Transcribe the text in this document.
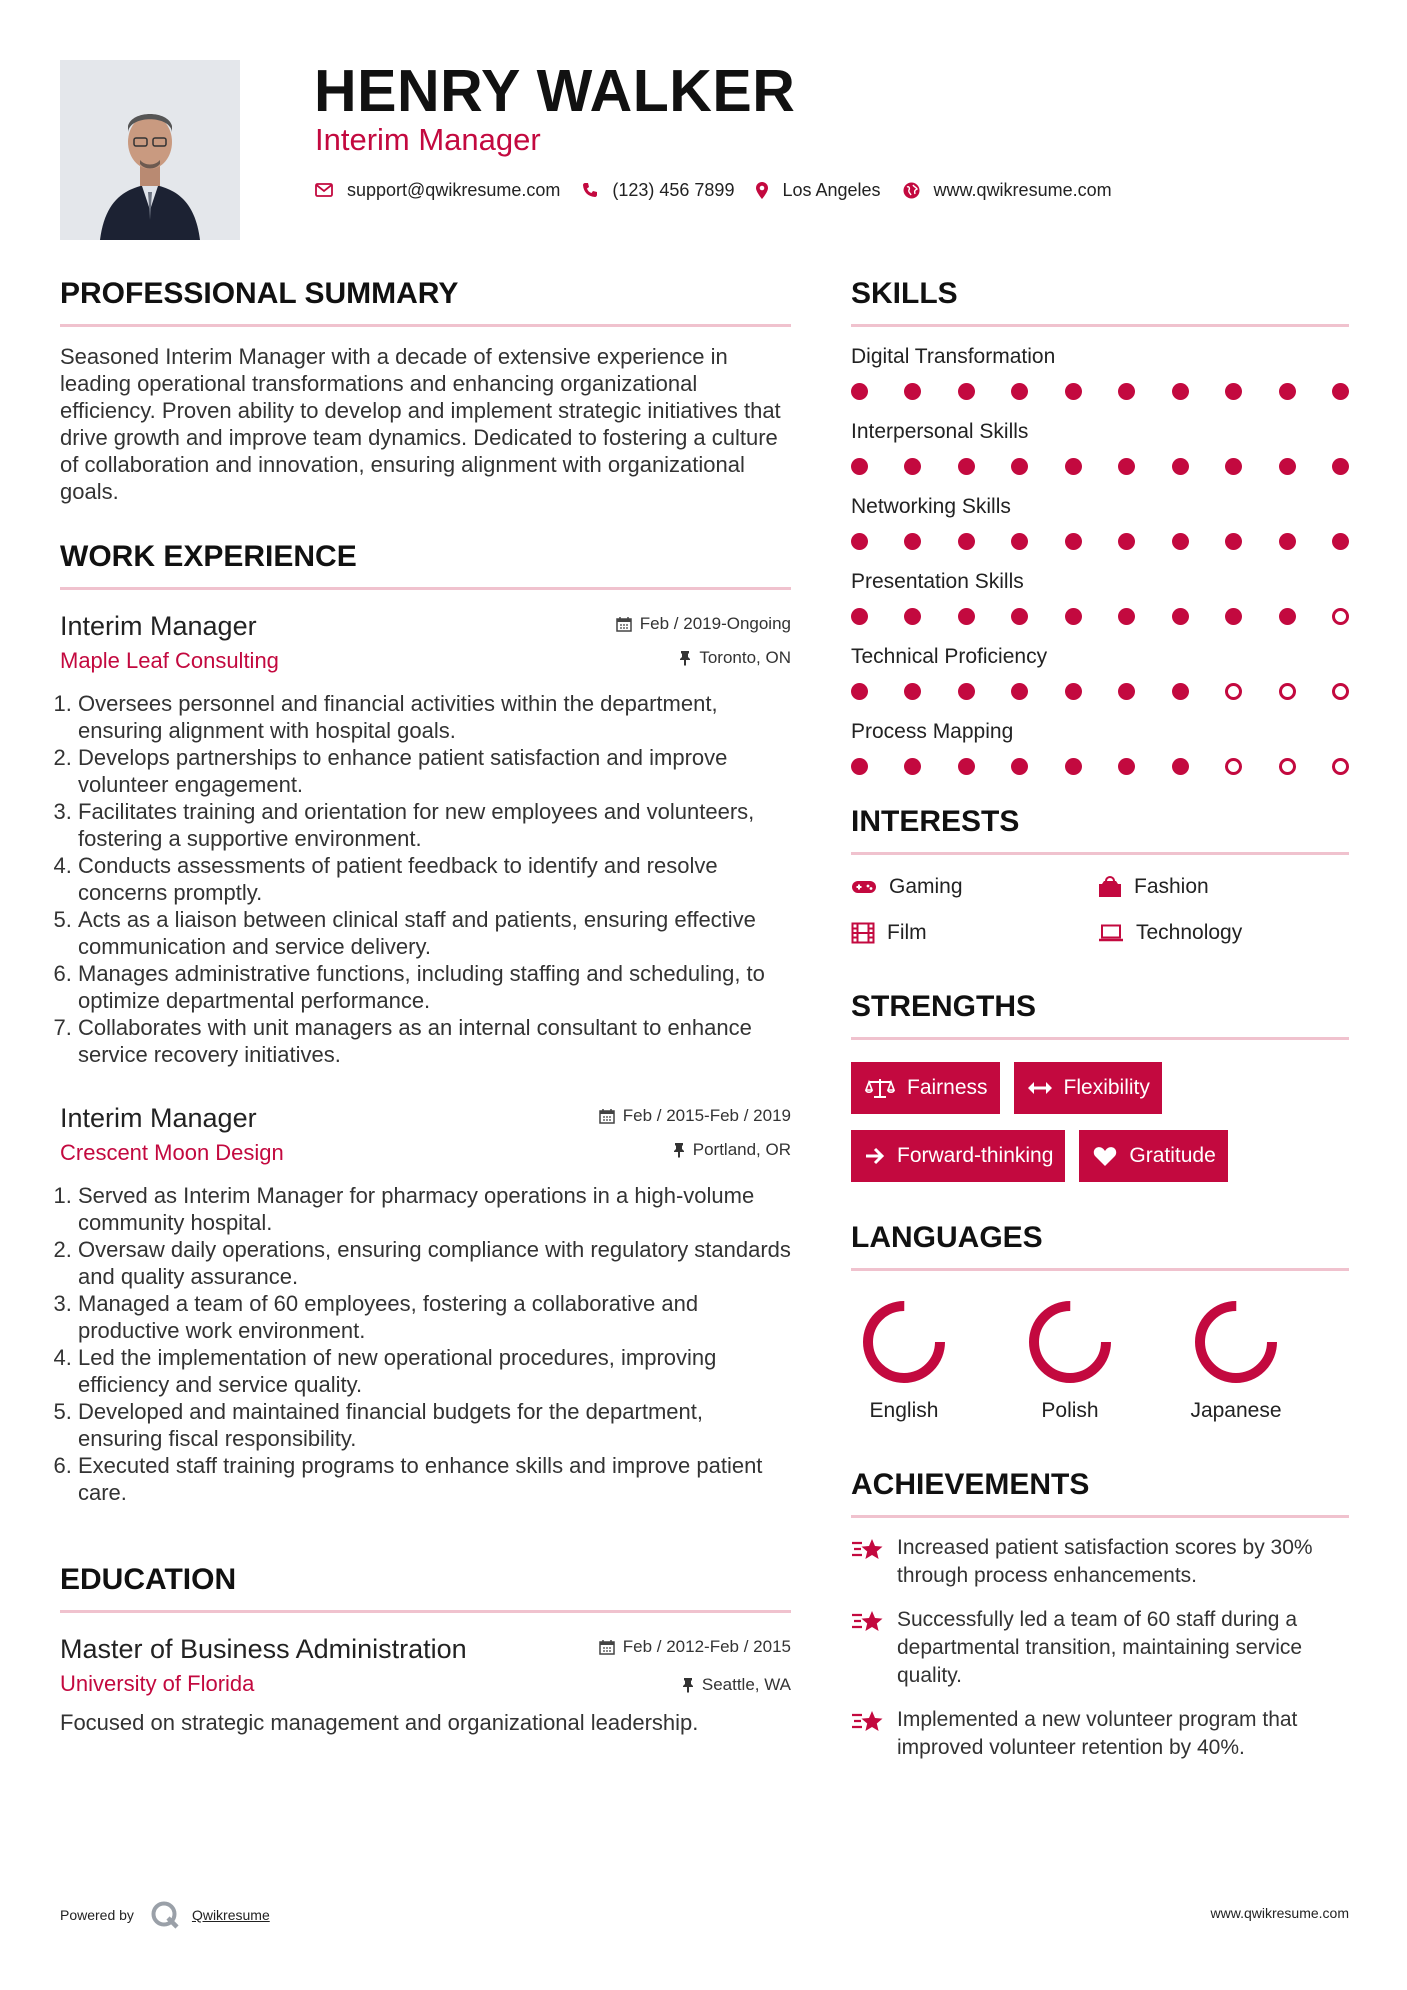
HENRY WALKER
Interim Manager
support@qwikresume.com	(123) 456 7899	Los Angeles	www.qwikresume.com
PROFESSIONAL SUMMARY
Seasoned Interim Manager with a decade of extensive experience in leading operational transformations and enhancing organizational efficiency. Proven ability to develop and implement strategic initiatives that drive growth and improve team dynamics. Dedicated to fostering a culture of collaboration and innovation, ensuring alignment with organizational goals.
WORK EXPERIENCE
Feb / 2019-Ongoing
Toronto, ON
Interim Manager
Maple Leaf Consulting
1. Oversees personnel and financial activities within the department, ensuring alignment with hospital goals.
2. Develops partnerships to enhance patient satisfaction and improve volunteer engagement.
3. Facilitates training and orientation for new employees and volunteers, fostering a supportive environment.
4. Conducts assessments of patient feedback to identify and resolve concerns promptly.
5. Acts as a liaison between clinical staff and patients, ensuring effective communication and service delivery.
6. Manages administrative functions, including staffing and scheduling, to optimize departmental performance.
7. Collaborates with unit managers as an internal consultant to enhance service recovery initiatives.
Feb / 2015-Feb / 2019
Portland, OR
Interim Manager
Crescent Moon Design
1. Served as Interim Manager for pharmacy operations in a high-volume community hospital.
2. Oversaw daily operations, ensuring compliance with regulatory standards and quality assurance.
3. Managed a team of 60 employees, fostering a collaborative and productive work environment.
4. Led the implementation of new operational procedures, improving efficiency and service quality.
5. Developed and maintained financial budgets for the department, ensuring fiscal responsibility.
6. Executed staff training programs to enhance skills and improve patient care.
EDUCATION
Feb / 2012-Feb / 2015
Seattle, WA
Master of Business Administration
University of Florida
Focused on strategic management and organizational leadership.
SKILLS
Digital Transformation
Interpersonal Skills
Networking Skills
Presentation Skills
Technical Proficiency
Process Mapping
INTERESTS
Gaming	Fashion
Film	Technology
STRENGTHS
Fairness	Flexibility
Forward-thinking	Gratitude
LANGUAGES
English	Polish	Japanese
ACHIEVEMENTS
Increased patient satisfaction scores by 30% through process enhancements.
Successfully led a team of 60 staff during a departmental transition, maintaining service quality.
Implemented a new volunteer program that improved volunteer retention by 40%.
Powered by	Qwikresume	www.qwikresume.com
